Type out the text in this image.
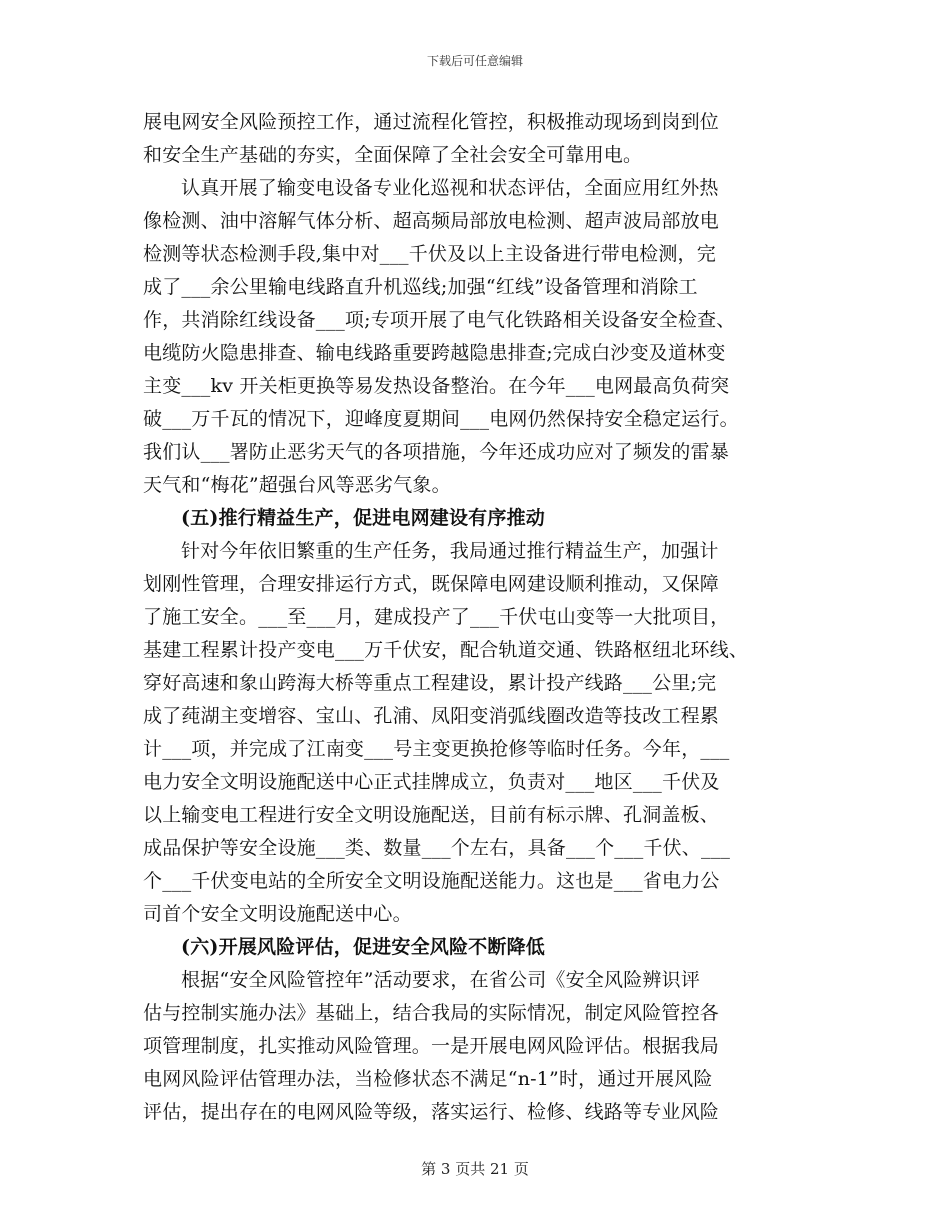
下载后可任意编辑
展电网安全风险预控工作，通过流程化管控，积极推动现场到岗到位
和安全生产基础的夯实，全面保障了全社会安全可靠用电。
认真开展了输变电设备专业化巡视和状态评估，全面应用红外热
像检测、油中溶解气体分析、超高频局部放电检测、超声波局部放电
检测等状态检测手段,集中对___千伏及以上主设备进行带电检测，完
成了___余公里输电线路直升机巡线;加强“红线”设备管理和消除工
作，共消除红线设备___项;专项开展了电气化铁路相关设备安全检查、
电缆防火隐患排查、输电线路重要跨越隐患排查;完成白沙变及道林变
主变___kv 开关柜更换等易发热设备整治。在今年___电网最高负荷突
破___万千瓦的情况下，迎峰度夏期间___电网仍然保持安全稳定运行。
我们认___署防止恶劣天气的各项措施，今年还成功应对了频发的雷暴
天气和“梅花”超强台风等恶劣气象。
(五)推行精益生产，促进电网建设有序推动
针对今年依旧繁重的生产任务，我局通过推行精益生产，加强计
划刚性管理，合理安排运行方式，既保障电网建设顺利推动，又保障
了施工安全。___至___月，建成投产了___千伏屯山变等一大批项目，
基建工程累计投产变电___万千伏安，配合轨道交通、铁路枢纽北环线、
穿好高速和象山跨海大桥等重点工程建设，累计投产线路___公里;完
成了莼湖主变增容、宝山、孔浦、凤阳变消弧线圈改造等技改工程累
计___项，并完成了江南变___号主变更换抢修等临时任务。今年，___
电力安全文明设施配送中心正式挂牌成立，负责对___地区___千伏及
以上输变电工程进行安全文明设施配送，目前有标示牌、孔洞盖板、
成品保护等安全设施___类、数量___个左右，具备___个___千伏、___
个___千伏变电站的全所安全文明设施配送能力。这也是___省电力公
司首个安全文明设施配送中心。
(六)开展风险评估，促进安全风险不断降低
根据“安全风险管控年”活动要求，在省公司《安全风险辨识评
估与控制实施办法》基础上，结合我局的实际情况，制定风险管控各
项管理制度，扎实推动风险管理。一是开展电网风险评估。根据我局
电网风险评估管理办法，当检修状态不满足“n-1”时，通过开展风险
评估，提出存在的电网风险等级，落实运行、检修、线路等专业风险
第 3 页共 21 页
